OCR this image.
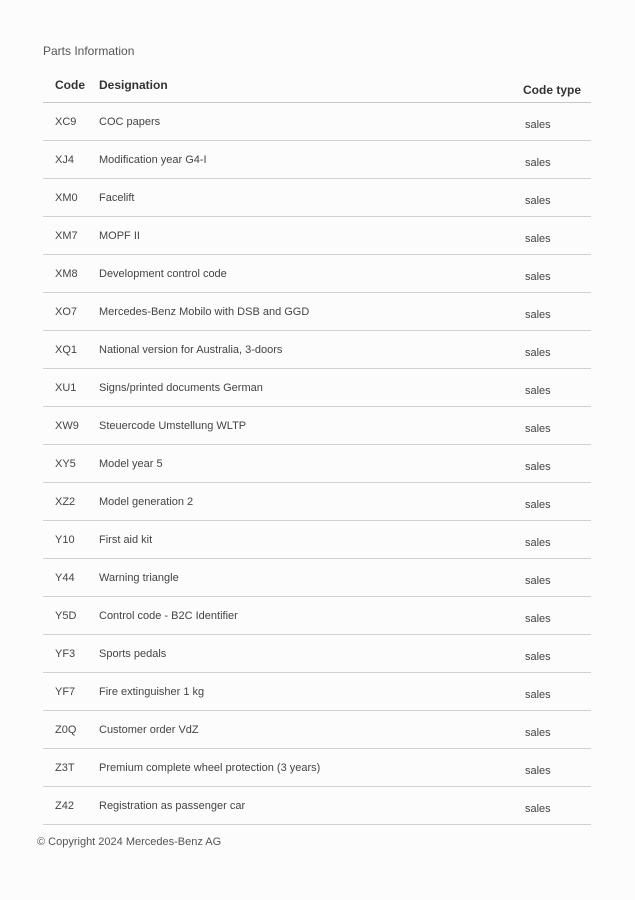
Parts Information
Code	Designation	Code type
XC9	COC papers	sales
XJ4	Modification year G4-I	sales
XM0	Facelift	sales
XM7	MOPF II	sales
XM8	Development control code	sales
XO7	Mercedes-Benz Mobilo with DSB and GGD	sales
XQ1	National version for Australia, 3-doors	sales
XU1	Signs/printed documents German	sales
XW9	Steuercode Umstellung WLTP	sales
XY5	Model year 5	sales
XZ2	Model generation 2	sales
Y10	First aid kit	sales
Y44	Warning triangle	sales
Y5D	Control code - B2C Identifier	sales
YF3	Sports pedals	sales
YF7	Fire extinguisher 1 kg	sales
Z0Q	Customer order VdZ	sales
Z3T	Premium complete wheel protection (3 years)	sales
Z42	Registration as passenger car	sales
© Copyright 2024 Mercedes-Benz AG
